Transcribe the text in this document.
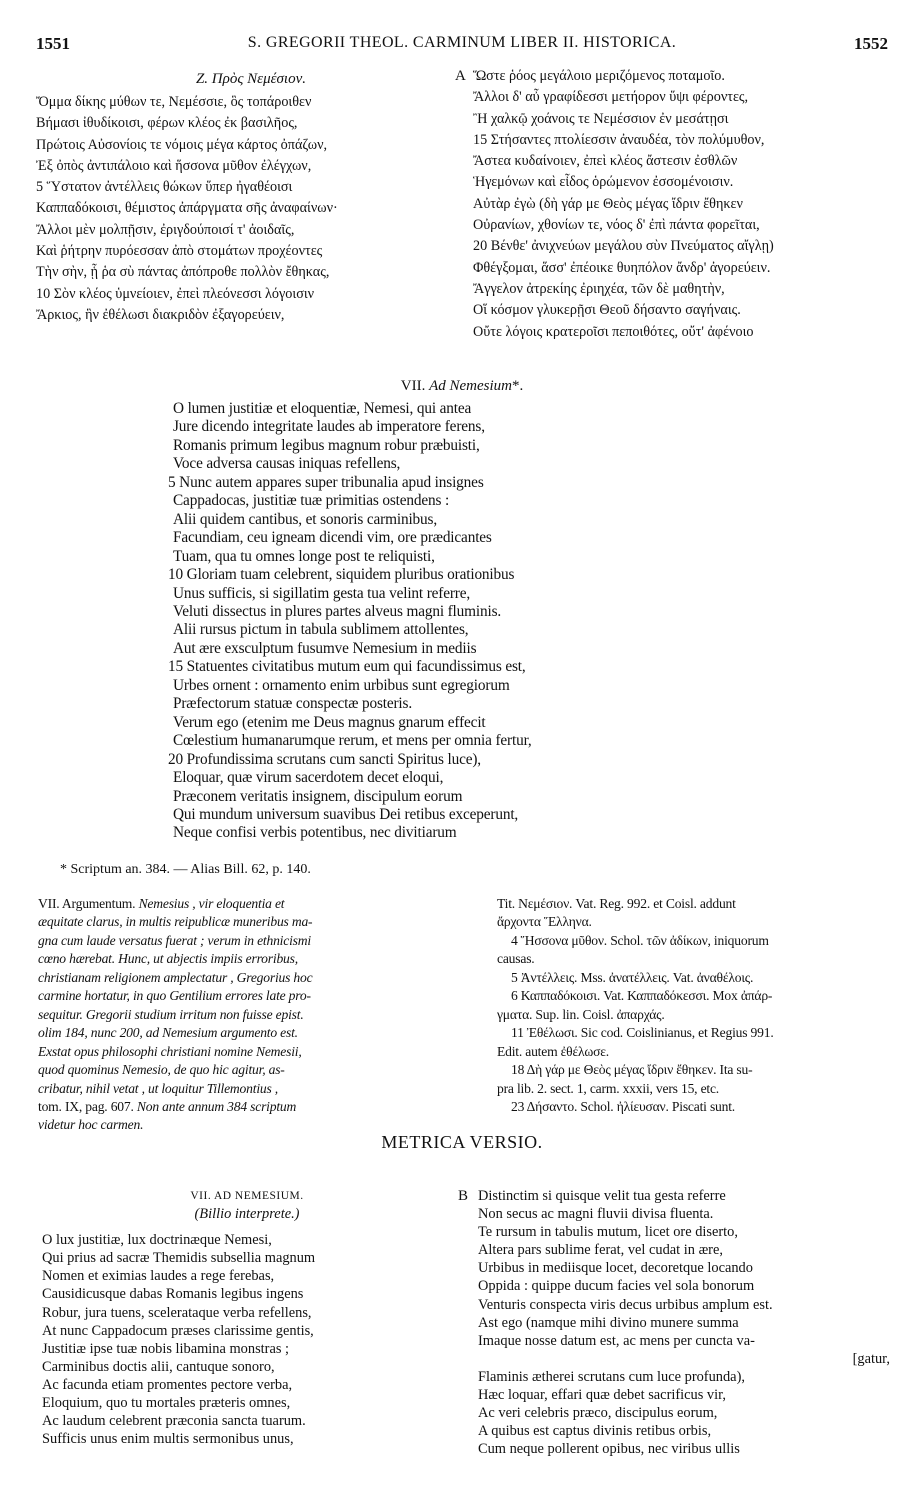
1551	S. GREGORII THEOL. CARMINUM LIBER II. HISTORICA.	1552
Ζ. Πρὸς Νεμέσιον.
Ὄμμα δίκης μύθων τε, Νεμέσσιε, ὃς τοπάροιθεν
Βήμασι ἰθυδίκοισι, φέρων κλέος ἐκ βασιλῆος,
Πρώτοις Αὐσονίοις τε νόμοις μέγα κάρτος ὀπάζων,
Ἐξ ὀπὸς ἀντιπάλοιο καὶ ἥσσονα μῦθον ἐλέγχων,
5 Ὕστατον ἀντέλλεις θώκων ὕπερ ἠγαθέοισι
Καππαδόκοισι, θέμιστος ἀπάργματα σῆς ἀναφαίνων·
Ἄλλοι μὲν μολπῇσιν, ἐριγδούποισί τ' ἀοιδαῖς,
Καὶ ῥήτρην πυρόεσσαν ἀπὸ στομάτων προχέοντες
Τὴν σὴν, ᾗ ῥα σὺ πάντας ἀπόπροθε πολλὸν ἔθηκας,
10 Σὸν κλέος ὑμνείοιεν, ἐπεὶ πλεόνεσσι λόγοισιν
Ἄρκιος, ἣν ἐθέλωσι διακριδὸν ἐξαγορεύειν,
A Ὥστε ῥόος μεγάλοιο μεριζόμενος ποταμοῖο.
Ἄλλοι δ' αὖ γραφίδεσσι μετήορον ὕψι φέροντες,
Ἢ χαλκῷ χοάνοις τε Νεμέσσιον ἐν μεσάτῃσι
15 Στήσαντες πτολίεσσιν ἀναυδέα, τὸν πολύμυθον,
Ἄστεα κυδαίνοιεν, ἐπεὶ κλέος ἄστεσιν ἐσθλῶν
Ἡγεμόνων καὶ εἶδος ὁρώμενον ἐσσομένοισιν.
Αὐτὰρ ἐγὼ (δὴ γάρ με Θεὸς μέγας ἴδριν ἔθηκεν
Οὐρανίων, χθονίων τε, νόος δ' ἐπὶ πάντα φορεῖται,
20 Βένθε' ἀνιχνεύων μεγάλου σὺν Πνεύματος αἴγλῃ)
Φθέγξομαι, ἅσσ' ἐπέοικε θυηπόλον ἄνδρ' ἀγορεύειν.
Ἄγγελον ἀτρεκίης ἐριηχέα, τῶν δὲ μαθητὴν,
Οἵ κόσμον γλυκερῇσι Θεοῦ δήσαντο σαγήναις.
Οὔτε λόγοις κρατεροῖσι πεποιθότες, οὔτ' ἀφένοιο
VII. Ad Nemesium*.
O lumen justitiæ et eloquentiæ, Nemesi, qui antea
Jure dicendo integritate laudes ab imperatore ferens,
Romanis primum legibus magnum robur præbuisti,
Voce adversa causas iniquas refellens,
5 Nunc autem appares super tribunalia apud insignes
Cappadocas, justitiæ tuæ primitias ostendens :
Alii quidem cantibus, et sonoris carminibus,
Facundiam, ceu igneam dicendi vim, ore prædicantes
Tuam, qua tu omnes longe post te reliquisti,
10 Gloriam tuam celebrent, siquidem pluribus orationibus
Unus sufficis, si sigillatim gesta tua velint referre,
Veluti dissectus in plures partes alveus magni fluminis.
Alii rursus pictum in tabula sublimem attollentes,
Aut ære exsculptum fusumve Nemesium in mediis
15 Statuentes civitatibus mutum eum qui facundissimus est,
Urbes ornent : ornamento enim urbibus sunt egregiorum
Præfectorum statuæ conspectæ posteris.
Verum ego (etenim me Deus magnus gnarum effecit
Cœlestium humanarumque rerum, et mens per omnia fertur,
20 Profundissima scrutans cum sancti Spiritus luce),
Eloquar, quæ virum sacerdotem decet eloqui,
Præconem veritatis insignem, discipulum eorum
Qui mundum universum suavibus Dei retibus exceperunt,
Neque confisi verbis potentibus, nec divitiarum
* Scriptum an. 384. — Alias Bill. 62, p. 140.
VII. Argumentum. Nemesius , vir eloquentia et
æquitate clarus, in multis reipublicæ muneribus ma-
gna cum laude versatus fuerat ; verum in ethnicismi
cœno hærebat. Hunc, ut abjectis impiis erroribus,
christianam religionem amplectatur , Gregorius hoc
carmine hortatur, in quo Gentilium errores late pro-
sequitur. Gregorii studium irritum non fuisse epist.
olim 184, nunc 200, ad Nemesium argumento est.
Exstat opus philosophi christiani nomine Nemesii,
quod quominus Nemesio, de quo hic agitur, as-
cribatur, nihil vetat , ut loquitur Tillemontius ,
tom. IX, pag. 607. Non ante annum 384 scriptum
videtur hoc carmen.
Tit. Νεμέσιον. Vat. Reg. 992. et Coisl. addunt
ἄρχοντα Ἕλληνα.
4 Ἥσσονα μῦθον. Schol. τῶν ἀδίκων, iniquorum
causas.
5 Ἀντέλλεις. Mss. ἀνατέλλεις. Vat. ἀναθέλοις.
6 Καππαδόκοισι. Vat. Καππαδόκεσσι. Mox ἀπάρ-
γματα. Sup. lin. Coisl. ἀπαρχάς.
11 Ἐθέλωσι. Sic cod. Coislinianus, et Regius 991.
Edit. autem ἐθέλωσε.
18 Δὴ γάρ με Θεὸς μέγας ἴδριν ἔθηκεν. Ita su-
pra lib. 2. sect. 1, carm. xxxii, vers 15, etc.
23 Δήσαντο. Schol. ἠλίευσαν. Piscati sunt.
METRICA VERSIO.
VII. AD NEMESIUM.
(Billio interprete.)
O lux justitiæ, lux doctrinæque Nemesi,
Qui prius ad sacræ Themidis subsellia magnum
Nomen et eximias laudes a rege ferebas,
Causidicusque dabas Romanis legibus ingens
Robur, jura tuens, scelerataque verba refellens,
At nunc Cappadocum præses clarissime gentis,
Justitiæ ipse tuæ nobis libamina monstras ;
Carminibus doctis alii, cantuque sonoro,
Ac facunda etiam promentes pectore verba,
Eloquium, quo tu mortales præteris omnes,
Ac laudum celebrent præconia sancta tuarum.
Sufficis unus enim multis sermonibus unus,
B Distinctim si quisque velit tua gesta referre
Non secus ac magni fluvii divisa fluenta.
Te rursum in tabulis mutum, licet ore diserto,
Altera pars sublime ferat, vel cudat in ære,
Urbibus in mediisque locet, decoretque locando
Oppida : quippe ducum facies vel sola bonorum
Venturis conspecta viris decus urbibus amplum est.
Ast ego (namque mihi divino munere summa
Imaque nosse datum est, ac mens per cuncta va-
[gatur,
Flaminis ætherei scrutans cum luce profunda),
Hæc loquar, effari quæ debet sacrificus vir,
Ac veri celebris præco, discipulus eorum,
A quibus est captus divinis retibus orbis,
Cum neque pollerent opibus, nec viribus ullis
